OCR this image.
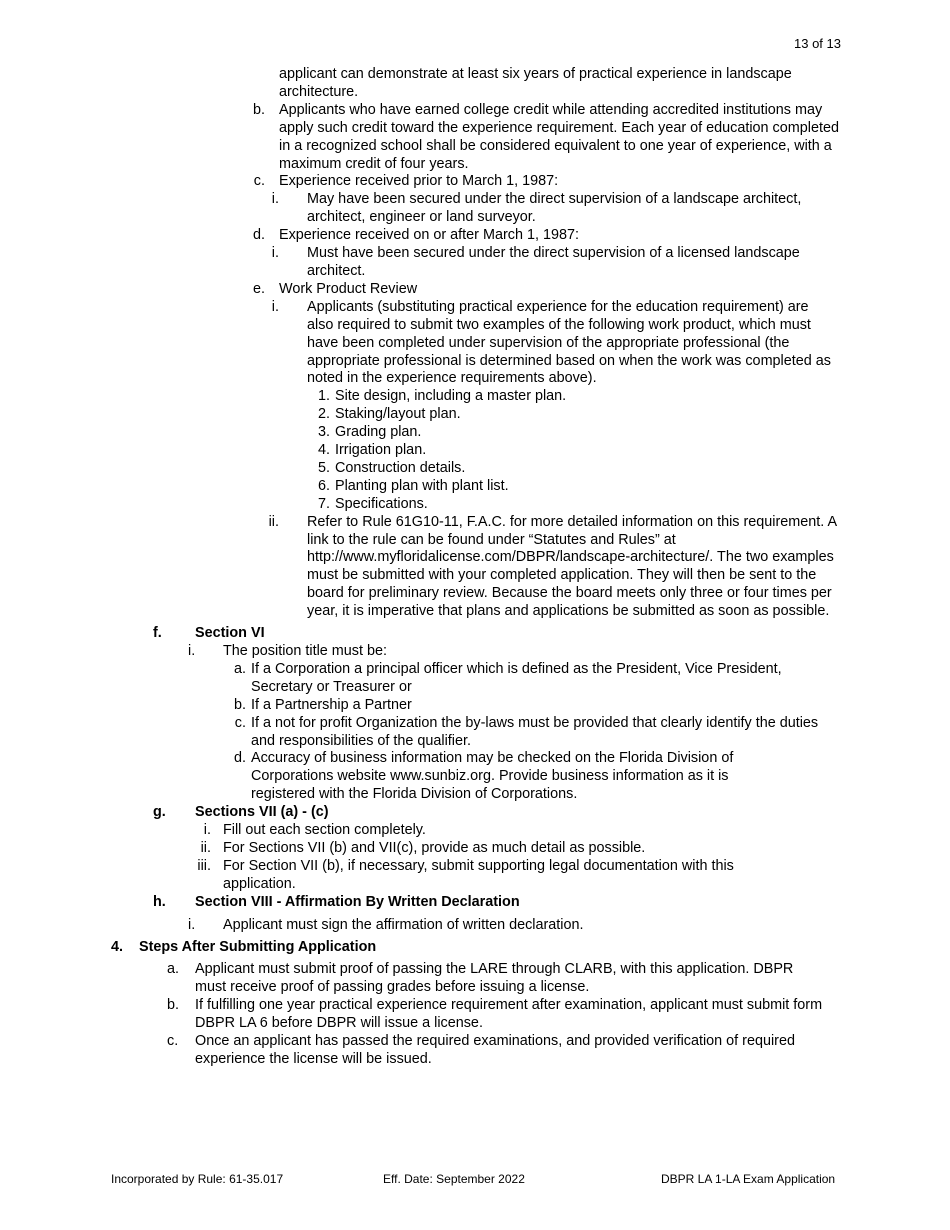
13 of 13
applicant can demonstrate at least six years of practical experience in landscape architecture.
b. Applicants who have earned college credit while attending accredited institutions may apply such credit toward the experience requirement. Each year of education completed in a recognized school shall be considered equivalent to one year of experience, with a maximum credit of four years.
c. Experience received prior to March 1, 1987:
i. May have been secured under the direct supervision of a landscape architect, architect, engineer or land surveyor.
d. Experience received on or after March 1, 1987:
i. Must have been secured under the direct supervision of a licensed landscape architect.
e. Work Product Review
i. Applicants (substituting practical experience for the education requirement) are also required to submit two examples of the following work product, which must have been completed under supervision of the appropriate professional (the appropriate professional is determined based on when the work was completed as noted in the experience requirements above).
1. Site design, including a master plan.
2. Staking/layout plan.
3. Grading plan.
4. Irrigation plan.
5. Construction details.
6. Planting plan with plant list.
7. Specifications.
ii. Refer to Rule 61G10-11, F.A.C. for more detailed information on this requirement. A link to the rule can be found under “Statutes and Rules” at http://www.myfloridalicense.com/DBPR/landscape-architecture/. The two examples must be submitted with your completed application. They will then be sent to the board for preliminary review. Because the board meets only three or four times per year, it is imperative that plans and applications be submitted as soon as possible.
f.	Section VI
i.	The position title must be:
a. If a Corporation a principal officer which is defined as the President, Vice President, Secretary or Treasurer or
b. If a Partnership a Partner
c. If a not for profit Organization the by-laws must be provided that clearly identify the duties and responsibilities of the qualifier.
d. Accuracy of business information may be checked on the Florida Division of Corporations website www.sunbiz.org. Provide business information as it is registered with the Florida Division of Corporations.
g.	Sections VII (a) - (c)
i. Fill out each section completely.
ii. For Sections VII (b) and VII(c), provide as much detail as possible.
iii. For Section VII (b), if necessary, submit supporting legal documentation with this application.
h.	Section VIII - Affirmation By Written Declaration
i.	Applicant must sign the affirmation of written declaration.
4.	Steps After Submitting Application
a.	Applicant must submit proof of passing the LARE through CLARB, with this application. DBPR must receive proof of passing grades before issuing a license.
b.	If fulfilling one year practical experience requirement after examination, applicant must submit form DBPR LA 6 before DBPR will issue a license.
c.	Once an applicant has passed the required examinations, and provided verification of required experience the license will be issued.
Incorporated by Rule: 61-35.017	Eff. Date: September 2022	DBPR LA 1-LA Exam Application
